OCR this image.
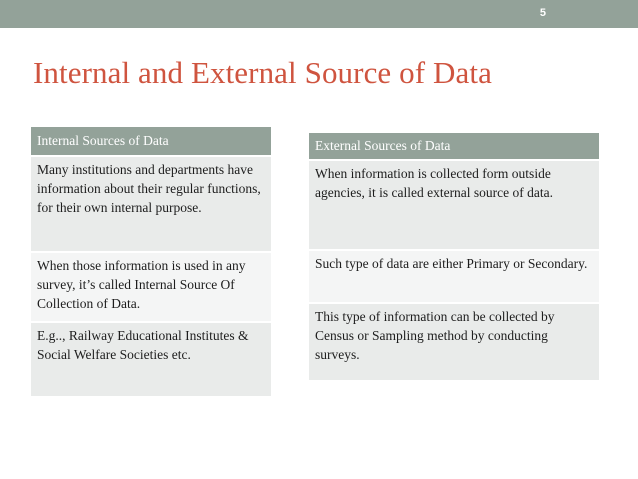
5
Internal and External Source of Data
Internal Sources of Data
Many institutions and departments have information about their regular functions, for their own internal purpose.
When those information is used in any survey, it’s called Internal Source Of Collection of Data.
E.g.., Railway Educational Institutes & Social Welfare Societies etc.
External Sources of Data
When information is collected form outside agencies, it is called external source of data.
Such type of data are either Primary or Secondary.
This type of information can be collected by Census or Sampling method by conducting surveys.
